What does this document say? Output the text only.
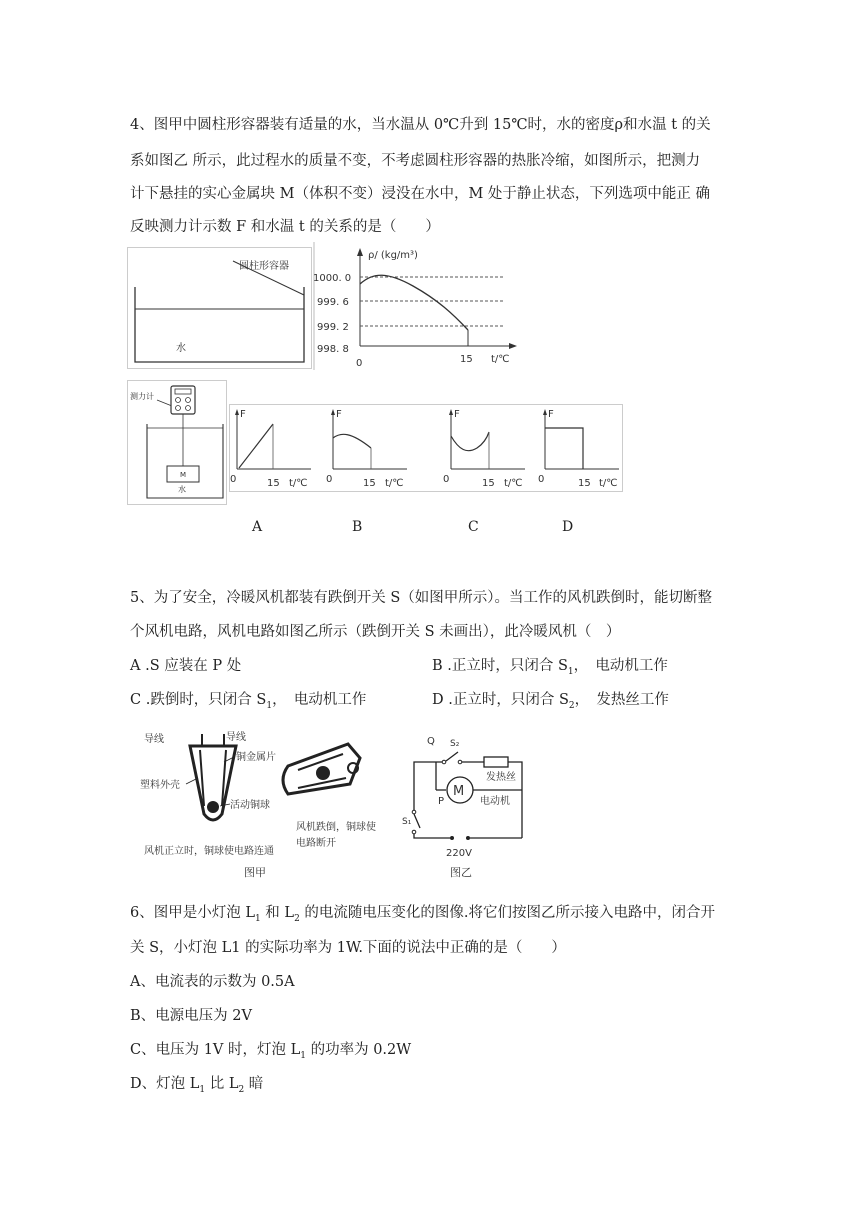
4、图甲中圆柱形容器装有适量的水，当水温从 0℃升到 15℃时，水的密度ρ和水温 t 的关
系如图乙 所示，此过程水的质量不变，不考虑圆柱形容器的热胀冷缩，如图所示，把测力
计下悬挂的实心金属块 M（体积不变）浸没在水中，M 处于静止状态，下列选项中能正 确
反映测力计示数 F 和水温 t 的关系的是（　　）
圆柱形容器
水
ρ/ (kg/m³)
1000. 0
999. 6
999. 2
998. 8
0	15 t/℃
测力计
M
水
F
0	15 t/℃
F
0	15 t/℃
F
0	15 t/℃
F
0	15 t/℃
A	B	C	D
5、为了安全，冷暖风机都装有跌倒开关 S（如图甲所示）。当工作的风机跌倒时，能切断整
个风机电路，风机电路如图乙所示（跌倒开关 S 未画出），此冷暖风机（　）
A .S 应装在 P 处	B .正立时，只闭合 $S_1$，　电动机工作
C .跌倒时，只闭合 $S_1$，　电动机工作	D .正立时，只闭合 $S_2$，　发热丝工作
导线	导线
铜金属片
塑料外壳
活动铜球
风机正立时，铜球使电路连通
风机跌倒，铜球使
电路断开
图甲
Q S₂
发热丝
M
电动机
P
S₁
220V
图乙
6、图甲是小灯泡 $L_1$ 和 $L_2$ 的电流随电压变化的图像.将它们按图乙所示接入电路中，闭合开
关 S，小灯泡 L1 的实际功率为 1W.下面的说法中正确的是（　　）
A、电流表的示数为 0.5A
B、电源电压为 2V
C、电压为 1V 时，灯泡 $L_1$ 的功率为 0.2W
D、灯泡 $L_1$ 比 $L_2$ 暗
